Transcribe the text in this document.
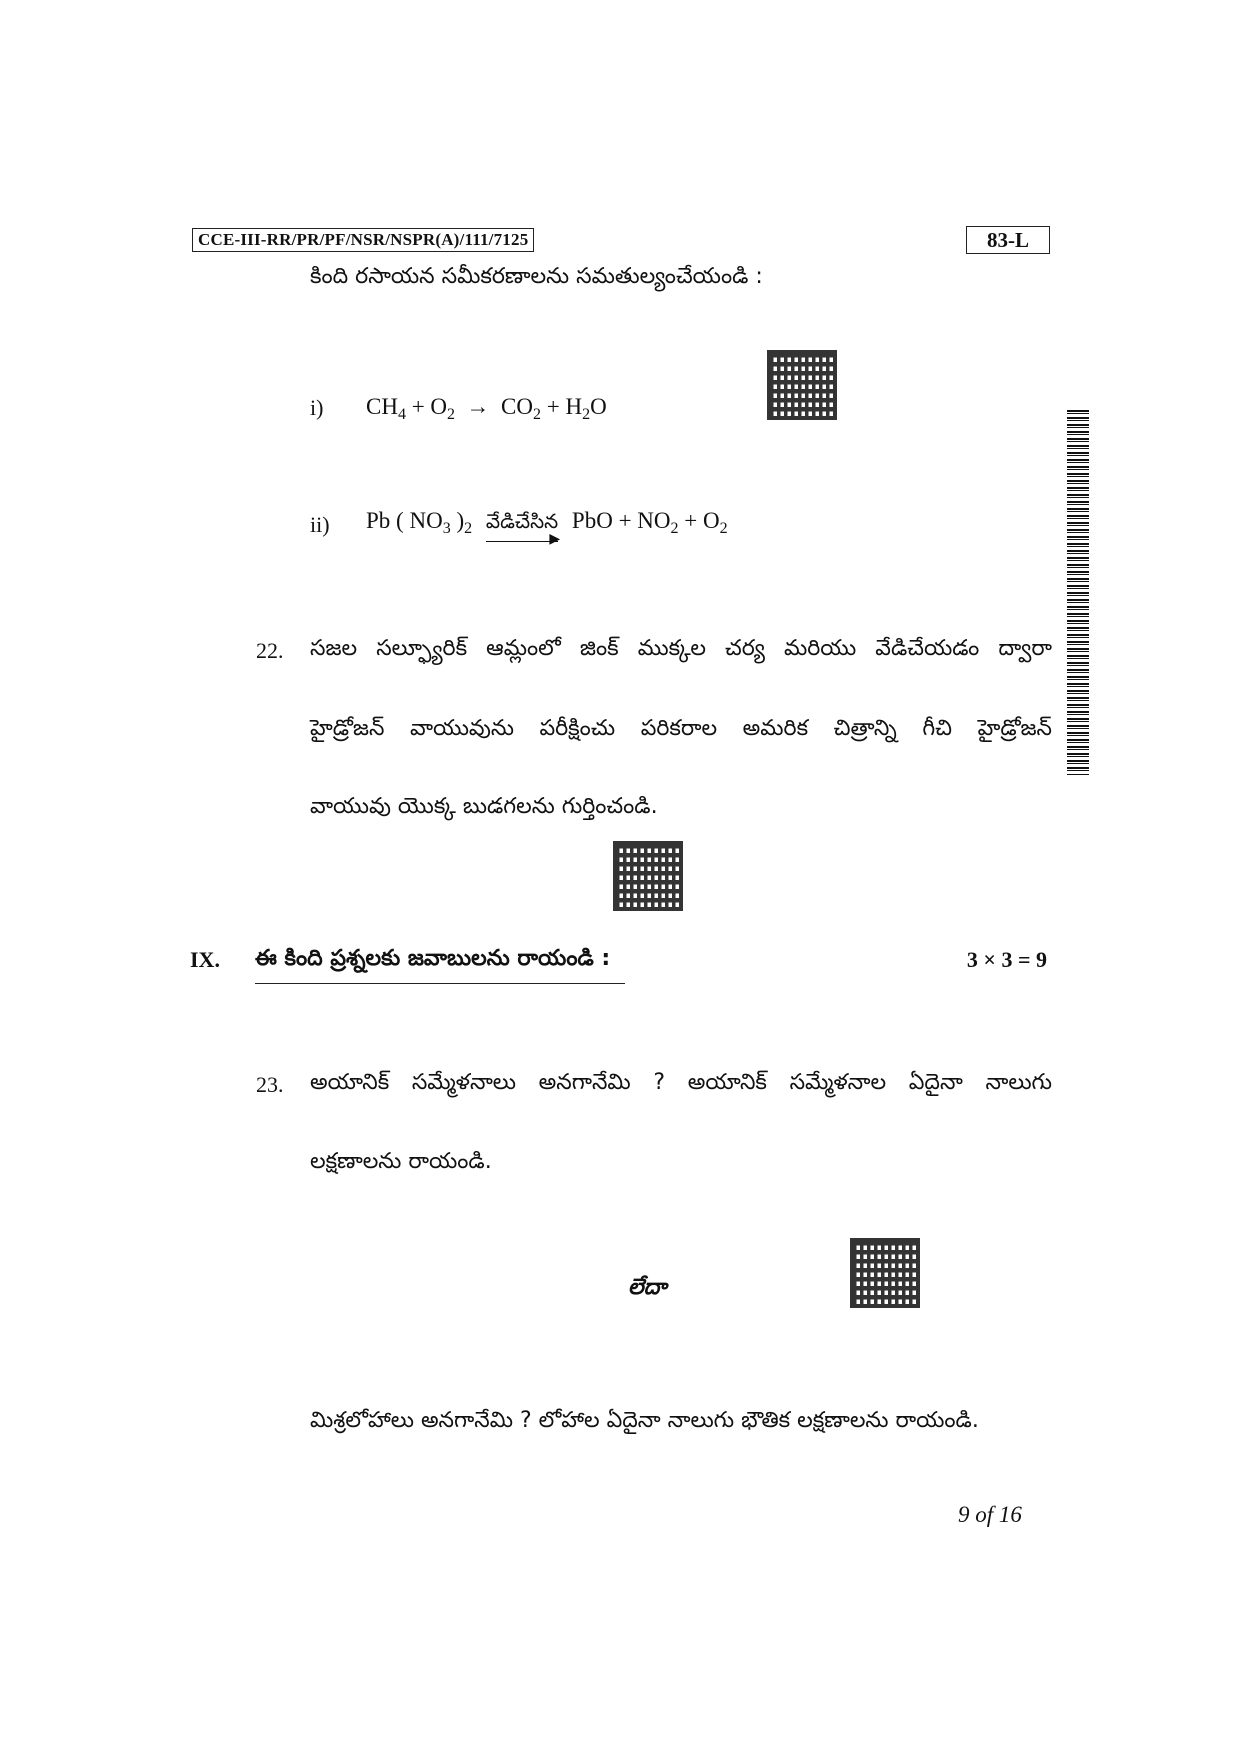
CCE-III-RR/PR/PF/NSR/NSPR(A)/111/7125	83-L
కింది రసాయన సమీకరణాలను సమతుల్యంచేయండి :
i) $CH_4 + O_2 \to CO_2 + H_2O$
ii) Pb ( $NO_3$ )$_2$ వేడిచేసిన
▶
PbO + $NO_2 + O_2$
22. సజల సల్ఫ్యూరిక్ ఆమ్లంలో జింక్ ముక్కల చర్య మరియు వేడిచేయడం ద్వారా
హైడ్రోజన్ వాయువును పరీక్షించు పరికరాల అమరిక చిత్రాన్ని గీచి హైడ్రోజన్
వాయువు యొక్క బుడగలను గుర్తించండి.
IX. ఈ కింది ప్రశ్నలకు జవాబులను రాయండి :	3 × 3 = 9
23. అయానిక్ సమ్మేళనాలు అనగానేమి ? అయానిక్ సమ్మేళనాల ఏదైనా నాలుగు
లక్షణాలను రాయండి.
లేదా
మిశ్రలోహాలు అనగానేమి ? లోహాల ఏదైనా నాలుగు భౌతిక లక్షణాలను రాయండి.
9 of 16
